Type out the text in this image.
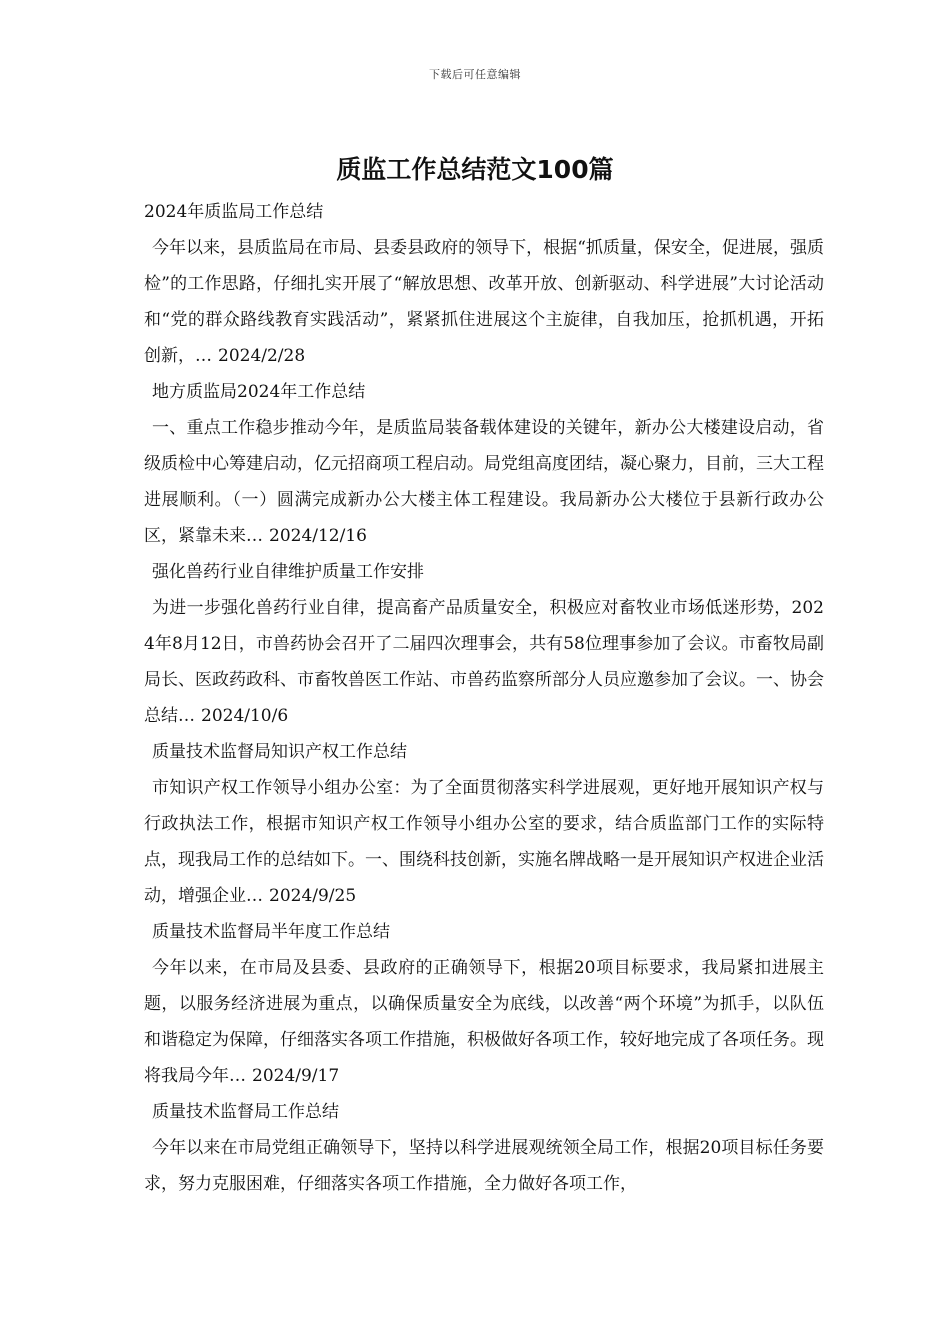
下载后可任意编辑
质监工作总结范文100篇

2024年质监局工作总结

今年以来，县质监局在市局、县委县政府的领导下，根据“抓质量，保安全，促进展，强质检”的工作思路，仔细扎实开展了“解放思想、改革开放、创新驱动、科学进展”大讨论活动和“党的群众路线教育实践活动”，紧紧抓住进展这个主旋律，自我加压，抢抓机遇，开拓创新，… 2024/2/28

地方质监局2024年工作总结

一、重点工作稳步推动今年，是质监局装备载体建设的关键年，新办公大楼建设启动，省级质检中心筹建启动，亿元招商项工程启动。局党组高度团结，凝心聚力，目前，三大工程进展顺利。（一）圆满完成新办公大楼主体工程建设。我局新办公大楼位于县新行政办公区，紧靠未来… 2024/12/16

强化兽药行业自律维护质量工作安排

为进一步强化兽药行业自律，提高畜产品质量安全，积极应对畜牧业市场低迷形势，2024年8月12日，市兽药协会召开了二届四次理事会，共有58位理事参加了会议。市畜牧局副局长、医政药政科、市畜牧兽医工作站、市兽药监察所部分人员应邀参加了会议。一、协会总结… 2024/10/6

质量技术监督局知识产权工作总结

市知识产权工作领导小组办公室：为了全面贯彻落实科学进展观，更好地开展知识产权与行政执法工作，根据市知识产权工作领导小组办公室的要求，结合质监部门工作的实际特点，现我局工作的总结如下。一、围绕科技创新，实施名牌战略一是开展知识产权进企业活动，增强企业… 2024/9/25

质量技术监督局半年度工作总结

今年以来，在市局及县委、县政府的正确领导下，根据20项目标要求，我局紧扣进展主题，以服务经济进展为重点，以确保质量安全为底线，以改善“两个环境”为抓手，以队伍和谐稳定为保障，仔细落实各项工作措施，积极做好各项工作，较好地完成了各项任务。现将我局今年… 2024/9/17

质量技术监督局工作总结

今年以来在市局党组正确领导下，坚持以科学进展观统领全局工作，根据20项目标任务要求，努力克服困难，仔细落实各项工作措施，全力做好各项工作，
